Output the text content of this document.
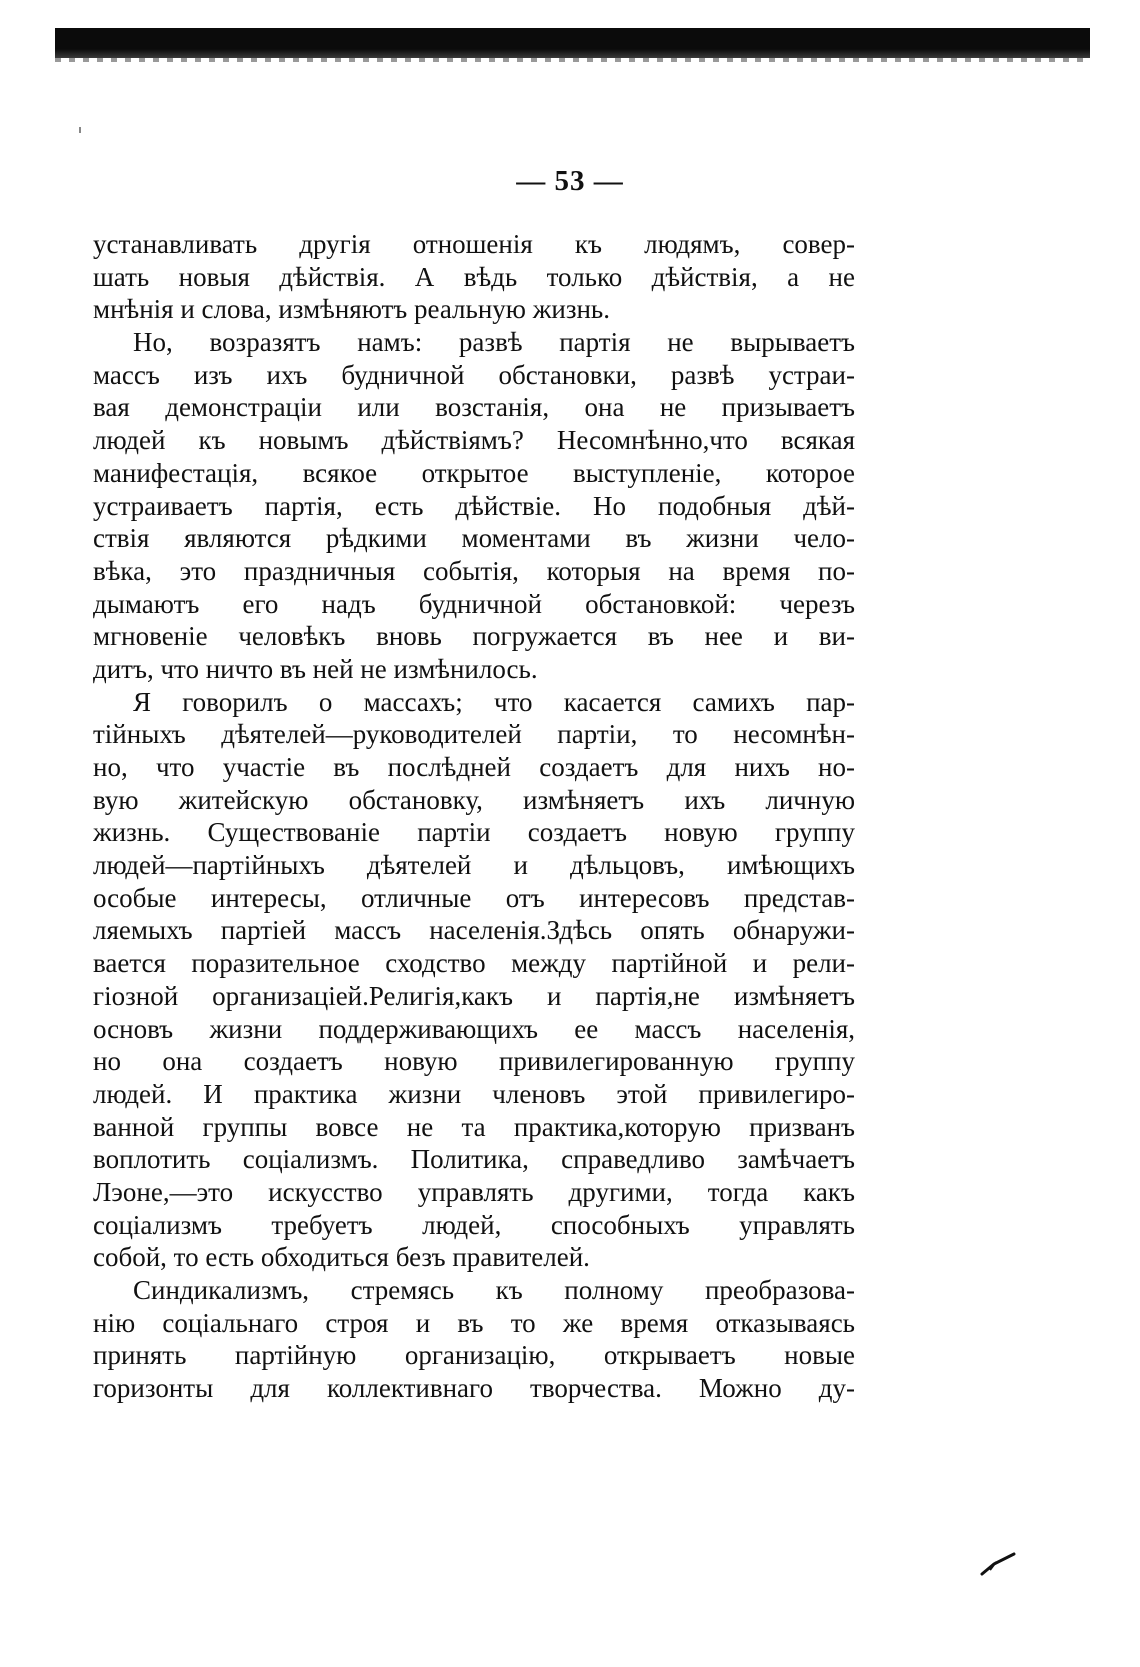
— 53 —
устанавливать другія отношенія къ людямъ, совер-
шать новыя дѣйствія. А вѣдь только дѣйствія, а не
мнѣнія и слова, измѣняютъ реальную жизнь.
Но, возразятъ намъ: развѣ партія не вырываетъ
массъ изъ ихъ будничной обстановки, развѣ устраи-
вая демонстраціи или возстанія, она не призываетъ
людей къ новымъ дѣйствіямъ? Несомнѣнно,что всякая
манифестація, всякое открытое выступленіе, которое
устраиваетъ партія, есть дѣйствіе. Но подобныя дѣй-
ствія являются рѣдкими моментами въ жизни чело-
вѣка, это праздничныя событія, которыя на время по-
дымаютъ его надъ будничной обстановкой: черезъ
мгновеніе человѣкъ вновь погружается въ нее и ви-
дитъ, что ничто въ ней не измѣнилось.
Я говорилъ о массахъ; что касается самихъ пар-
тійныхъ дѣятелей—руководителей партіи, то несомнѣн-
но, что участіе въ послѣдней создаетъ для нихъ но-
вую житейскую обстановку, измѣняетъ ихъ личную
жизнь. Существованіе партіи создаетъ новую группу
людей—партійныхъ дѣятелей и дѣльцовъ, имѣющихъ
особые интересы, отличные отъ интересовъ представ-
ляемыхъ партіей массъ населенія.Здѣсь опять обнаружи-
вается поразительное сходство между партійной и рели-
гіозной организаціей.Религія,какъ и партія,не измѣняетъ
основъ жизни поддерживающихъ ее массъ населенія,
но она создаетъ новую привилегированную группу
людей. И практика жизни членовъ этой привилегиро-
ванной группы вовсе не та практика,которую призванъ
воплотить соціализмъ. Политика, справедливо замѣчаетъ
Лэоне,—это искусство управлять другими, тогда какъ
соціализмъ требуетъ людей, способныхъ управлять
собой, то есть обходиться безъ правителей.
Синдикализмъ, стремясь къ полному преобразова-
нію соціальнаго строя и въ то же время отказываясь
принять партійную организацію, открываетъ новые
горизонты для коллективнаго творчества. Можно ду-
